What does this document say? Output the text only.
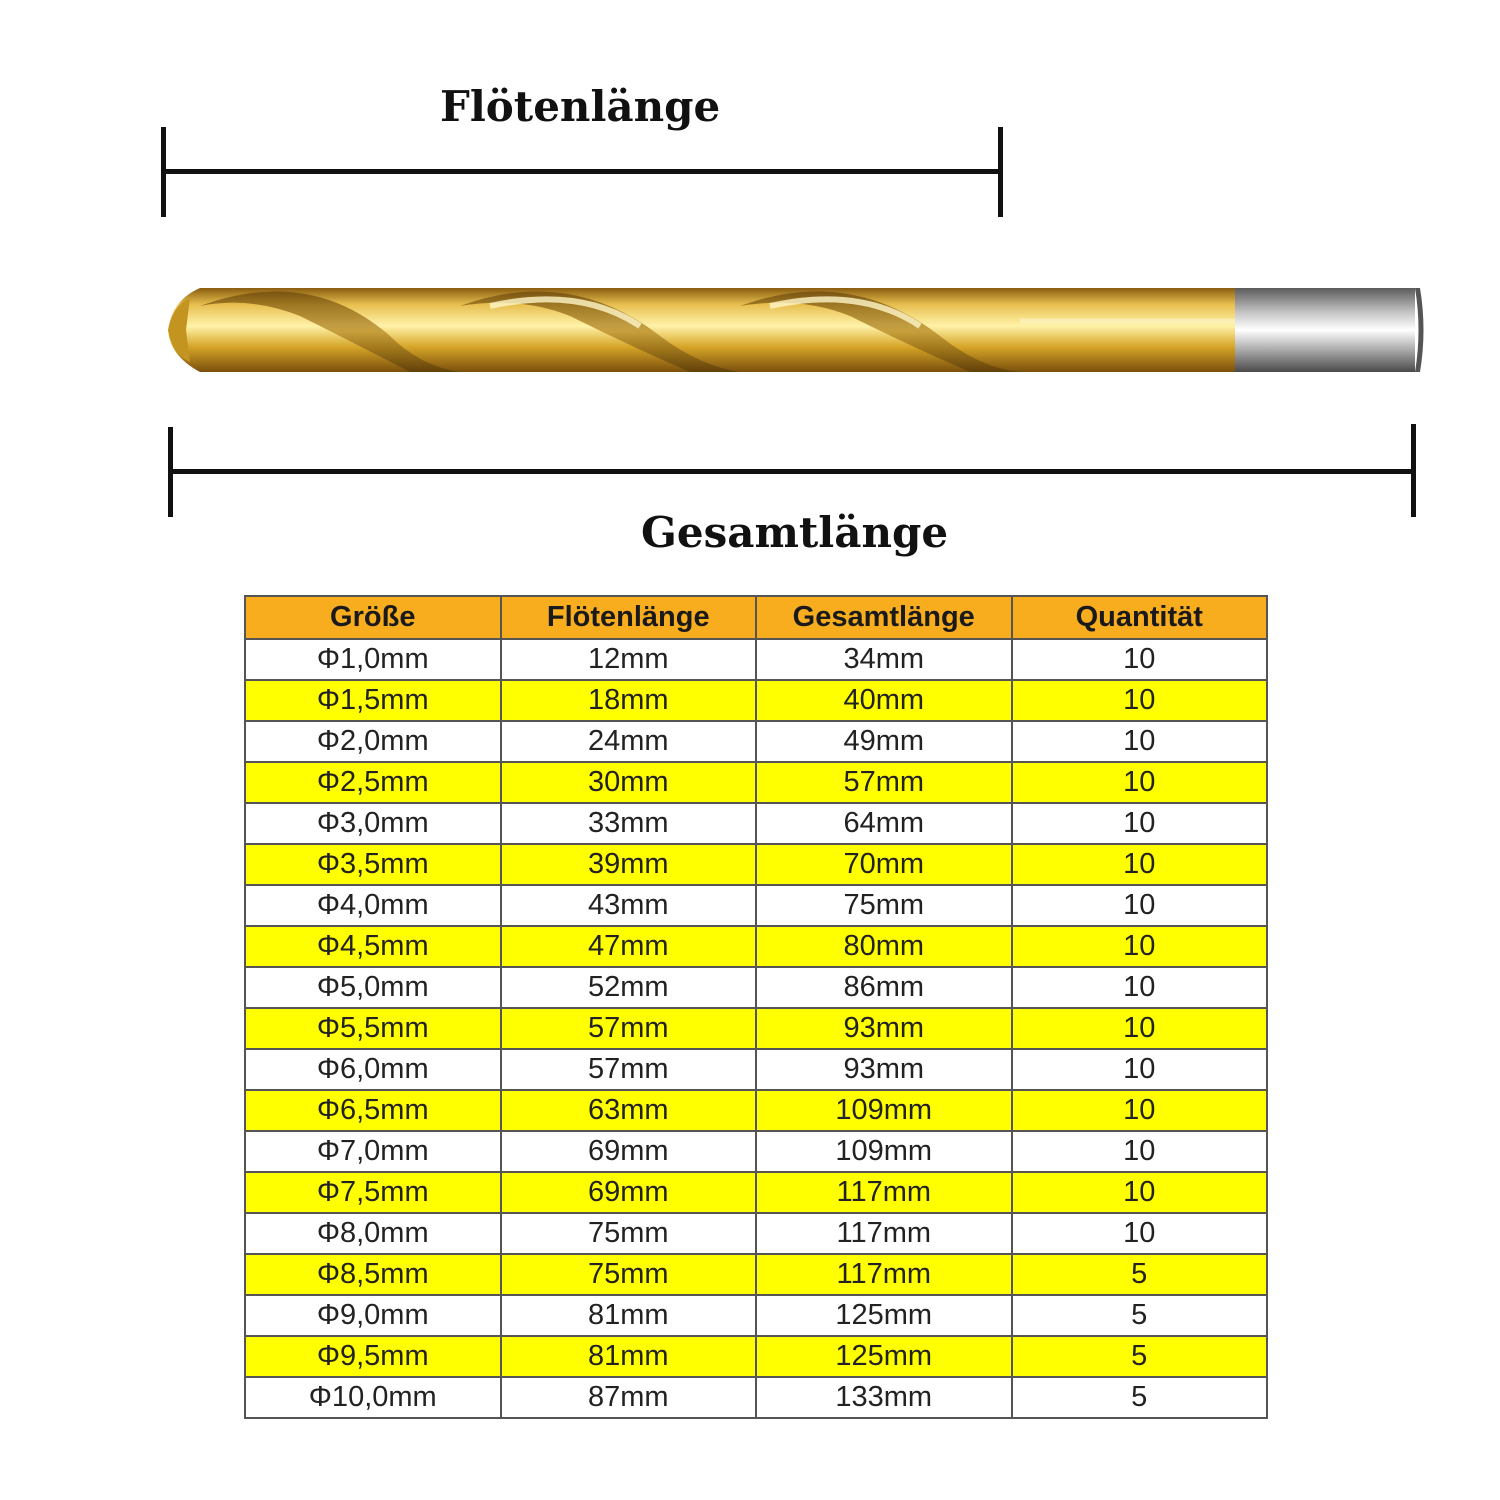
Flötenlänge
Gesamtlänge
Größe	Flötenlänge	Gesamtlänge	Quantität
Φ1,0mm	12mm	34mm	10
Φ1,5mm	18mm	40mm	10
Φ2,0mm	24mm	49mm	10
Φ2,5mm	30mm	57mm	10
Φ3,0mm	33mm	64mm	10
Φ3,5mm	39mm	70mm	10
Φ4,0mm	43mm	75mm	10
Φ4,5mm	47mm	80mm	10
Φ5,0mm	52mm	86mm	10
Φ5,5mm	57mm	93mm	10
Φ6,0mm	57mm	93mm	10
Φ6,5mm	63mm	109mm	10
Φ7,0mm	69mm	109mm	10
Φ7,5mm	69mm	117mm	10
Φ8,0mm	75mm	117mm	10
Φ8,5mm	75mm	117mm	5
Φ9,0mm	81mm	125mm	5
Φ9,5mm	81mm	125mm	5
Φ10,0mm	87mm	133mm	5
